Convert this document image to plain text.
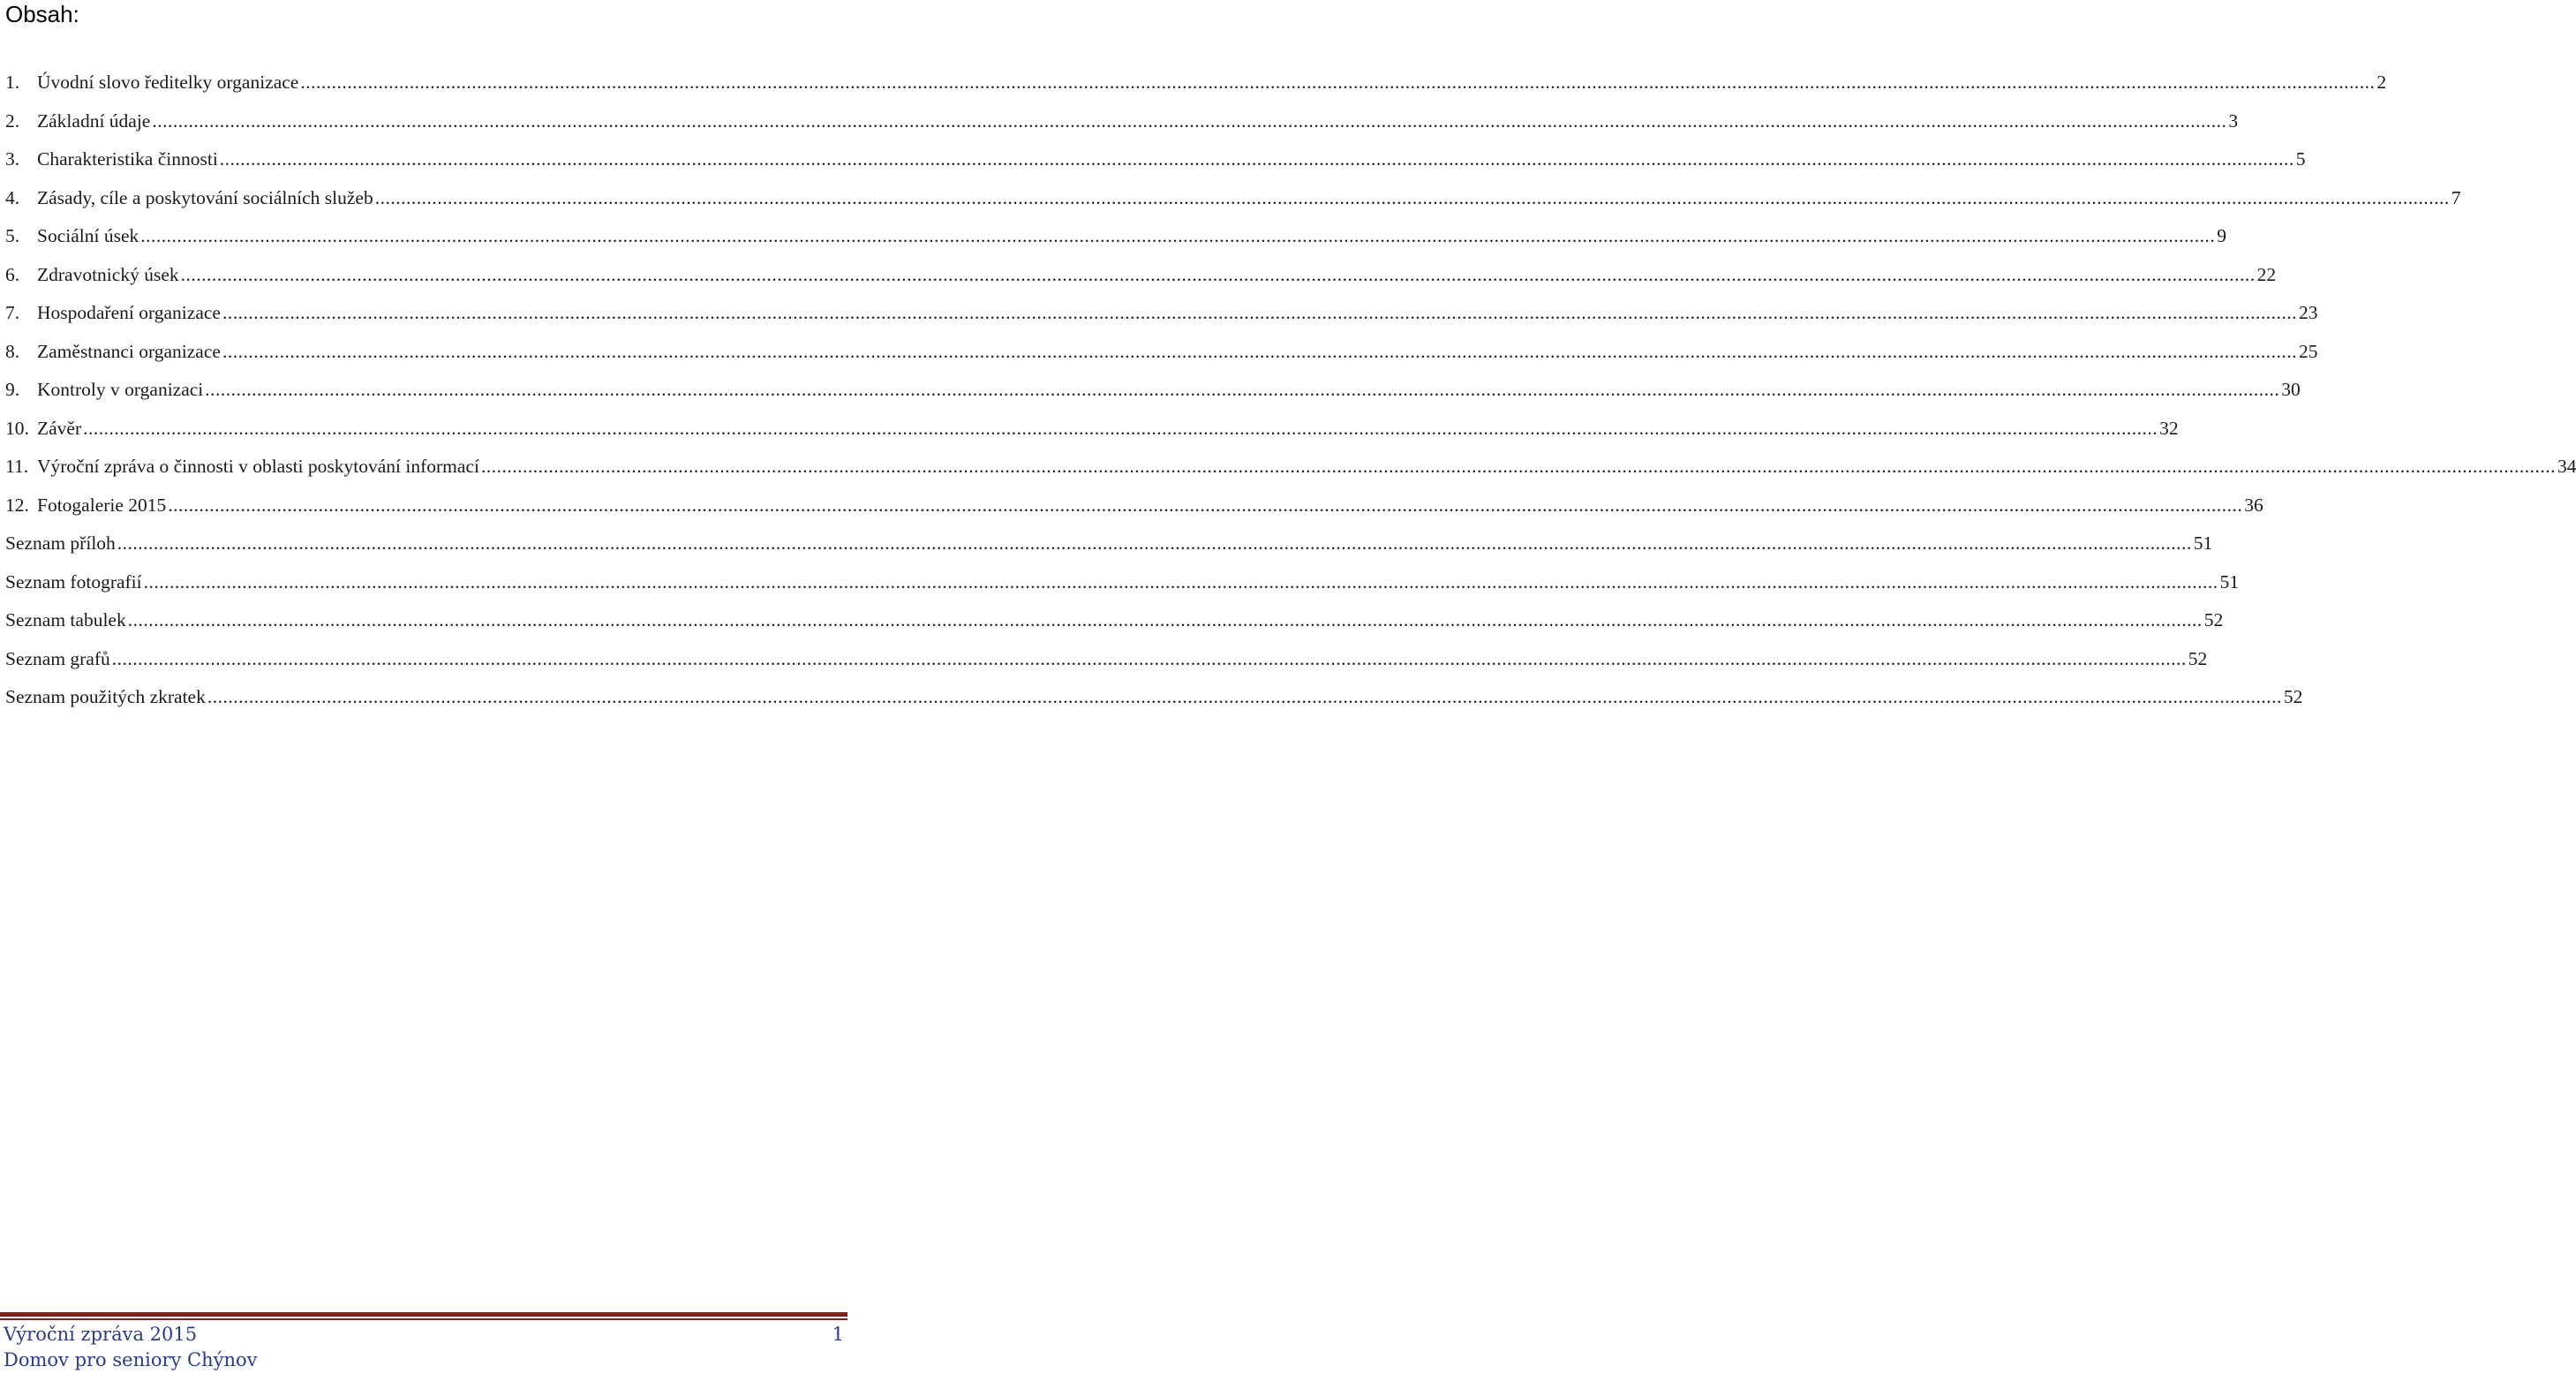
Obsah:
1. Úvodní slovo ředitelky organizace ................................................................................................................................................................................................................................................................................................................................................................................................................ 2
2. Základní údaje ................................................................................................................................................................................................................................................................................................................................................................................................................ 3
3. Charakteristika činnosti ................................................................................................................................................................................................................................................................................................................................................................................................................ 5
4. Zásady, cíle a poskytování sociálních služeb ................................................................................................................................................................................................................................................................................................................................................................................................................ 7
5. Sociální úsek ................................................................................................................................................................................................................................................................................................................................................................................................................ 9
6. Zdravotnický úsek ................................................................................................................................................................................................................................................................................................................................................................................................................ 22
7. Hospodaření organizace ................................................................................................................................................................................................................................................................................................................................................................................................................ 23
8. Zaměstnanci organizace ................................................................................................................................................................................................................................................................................................................................................................................................................ 25
9. Kontroly v organizaci ................................................................................................................................................................................................................................................................................................................................................................................................................ 30
10. Závěr ................................................................................................................................................................................................................................................................................................................................................................................................................ 32
11. Výroční zpráva o činnosti v oblasti poskytování informací ................................................................................................................................................................................................................................................................................................................................................................................................................ 34
12. Fotogalerie 2015 ................................................................................................................................................................................................................................................................................................................................................................................................................ 36
Seznam příloh ................................................................................................................................................................................................................................................................................................................................................................................................................ 51
Seznam fotografií ................................................................................................................................................................................................................................................................................................................................................................................................................ 51
Seznam tabulek ................................................................................................................................................................................................................................................................................................................................................................................................................ 52
Seznam grafů ................................................................................................................................................................................................................................................................................................................................................................................................................ 52
Seznam použitých zkratek ................................................................................................................................................................................................................................................................................................................................................................................................................ 52
Výroční zpráva 2015	1
Domov pro seniory Chýnov
